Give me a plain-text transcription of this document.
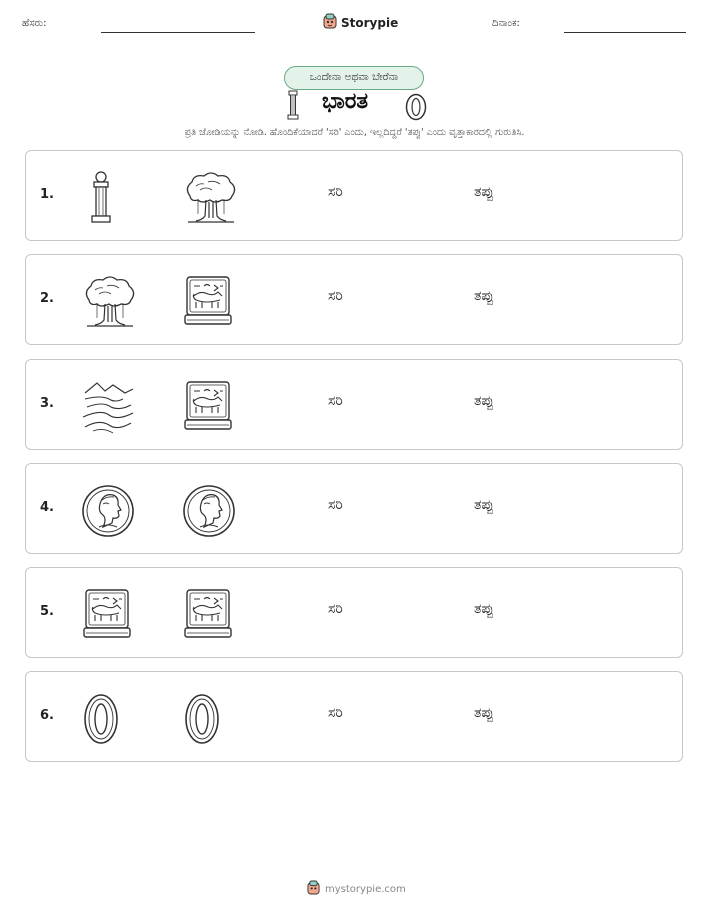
ಹೆಸರು:	Storypie	ದಿನಾಂಕ:
ಒಂದೇನಾ ಅಥವಾ ಬೇರೆನಾ
ಭಾರತ
ಪ್ರತಿ ಜೋಡಿಯನ್ನು ನೋಡಿ. ಹೊಂದಿಕೆಯಾದರೆ 'ಸರಿ' ಎಂದು, ಇಲ್ಲದಿದ್ದರೆ 'ತಪ್ಪು' ಎಂದು ವೃತ್ತಾಕಾರದಲ್ಲಿ ಗುರುತಿಸಿ.
1.	ಸರಿ	ತಪ್ಪು
2.	ಸರಿ	ತಪ್ಪು
3.	ಸರಿ	ತಪ್ಪು
4.	ಸರಿ	ತಪ್ಪು
5.	ಸರಿ	ತಪ್ಪು
6.	ಸರಿ	ತಪ್ಪು
mystorypie.com
